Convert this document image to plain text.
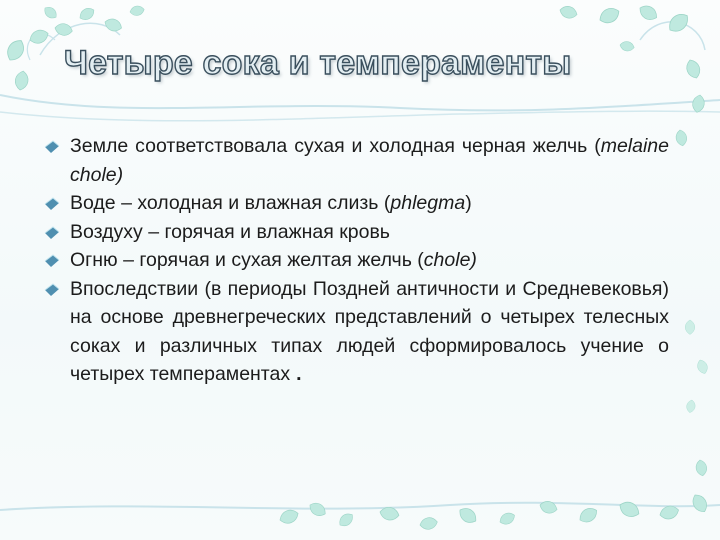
Четыре сока и темпераменты
Земле соответствовала сухая и холодная черная желчь (melaine chole)
Воде – холодная и влажная слизь (phlegma)
Воздуху – горячая и влажная кровь
Огню – горячая и сухая желтая желчь (chole)
Впоследствии (в периоды Поздней античности и Средневековья) на основе древнегреческих представлений о четырех телесных соках и различных типах людей сформировалось учение о четырех темпераментах .
